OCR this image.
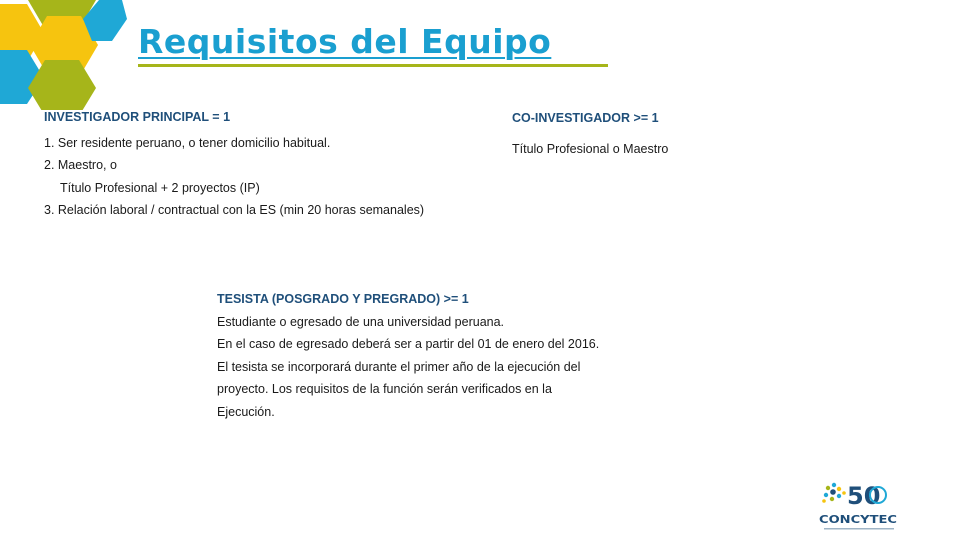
Requisitos del Equipo
INVESTIGADOR PRINCIPAL = 1
1. Ser residente peruano, o tener domicilio habitual.
2. Maestro, o
Título Profesional + 2 proyectos (IP)
3. Relación laboral / contractual con la ES (min 20 horas semanales)
CO-INVESTIGADOR >= 1
Título Profesional o Maestro
TESISTA (POSGRADO Y PREGRADO) >= 1
Estudiante o egresado de una universidad peruana.
En el caso de egresado deberá ser a partir del 01 de enero del 2016.
El tesista se incorporará durante el primer año de la ejecución del
proyecto. Los requisitos de la función serán verificados en la
Ejecución.
50
CONCYTEC
